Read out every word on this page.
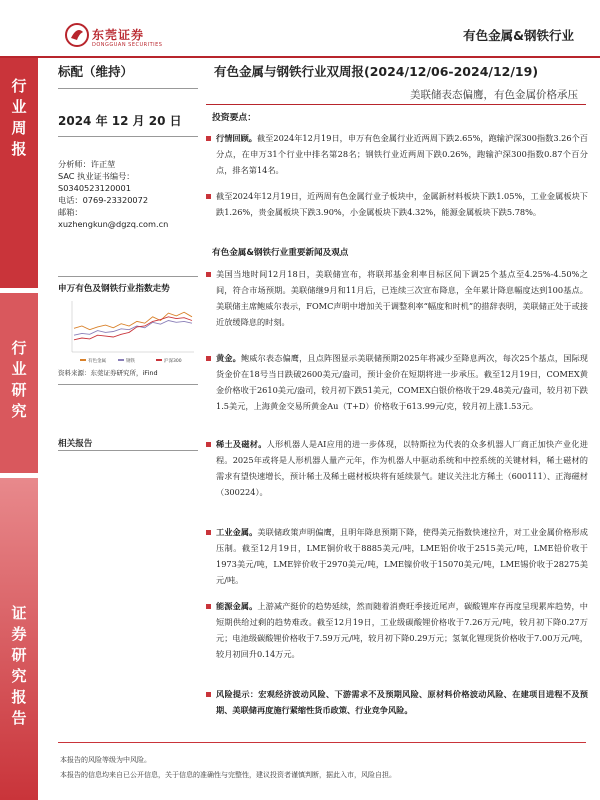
东莞证券
DONGGUAN SECURITIES
有色金属&钢铁行业
行
业
周
报
行
业
研
究
证
券
研
究
报
告
标配（维持）	有色金属与钢铁行业双周报(2024/12/06-2024/12/19)
美联储表态偏鹰，有色金属价格承压
2024 年 12 月 20 日
分析师：许正堃
SAC 执业证书编号：
S0340523120001
电话：0769-23320072
邮箱：
xuzhengkun@dgzq.com.cn
申万有色及钢铁行业指数走势
有色金属	钢铁	沪深300
资料来源：东莞证券研究所，iFind
相关报告
投资要点：
行情回顾。截至2024年12月19日，申万有色金属行业近两周下跌2.65%，跑输沪深300指数3.26个百分点，在申万31个行业中排名第28名；钢铁行业近两周下跌0.26%，跑输沪深300指数0.87个百分点，排名第14名。
截至2024年12月19日，近两周有色金属行业子板块中，金属新材料板块下跌1.05%，工业金属板块下跌1.26%，贵金属板块下跌3.90%，小金属板块下跌4.32%，能源金属板块下跌5.78%。
有色金属&钢铁行业重要新闻及观点
美国当地时间12月18日，美联储宣布，将联邦基金利率目标区间下调25个基点至4.25%-4.50%之间，符合市场预期。美联储继9月和11月后，已连续三次宣布降息，全年累计降息幅度达到100基点。美联储主席鲍威尔表示，FOMC声明中增加关于调整利率“幅度和时机”的措辞表明，美联储正处于或接近放缓降息的时刻。
黄金。鲍威尔表态偏鹰，且点阵图显示美联储预期2025年将减少至降息两次，每次25个基点，国际现货金价在18号当日跌破2600美元/盎司，预计金价在短期将进一步承压。截至12月19日，COMEX黄金价格收于2610美元/盎司，较月初下跌51美元，COMEX白银价格收于29.48美元/盎司，较月初下跌1.5美元，上海黄金交易所黄金Au（T+D）价格收于613.99元/克，较月初上涨1.53元。
稀土及磁材。人形机器人是AI应用的进一步体现，以特斯拉为代表的众多机器人厂商正加快产业化进程。2025年或将是人形机器人量产元年，作为机器人中驱动系统和中控系统的关键材料，稀土磁材的需求有望快速增长，预计稀土及稀土磁材板块将有延续景气。建议关注北方稀土（600111）、正海磁材（300224）。
工业金属。美联储政策声明偏鹰，且明年降息预期下降，使得美元指数快速拉升，对工业金属价格形成压制。截至12月19日，LME铜价收于8885美元/吨，LME铝价收于2515美元/吨，LME铅价收于1973美元/吨，LME锌价收于2970美元/吨，LME镍价收于15070美元/吨，LME锡价收于28275美元/吨。
能源金属。上游减产挺价的趋势延续，然而随着消费旺季接近尾声，碳酸锂库存再度呈现累库趋势，中短期供给过剩的趋势难改。截至12月19日，工业级碳酸锂价格收于7.26万元/吨，较月初下降0.27万元；电池级碳酸锂价格收于7.59万元/吨，较月初下降0.29万元；氢氧化锂现货价格收于7.00万元/吨，较月初回升0.14万元。
风险提示：宏观经济波动风险、下游需求不及预期风险、原材料价格波动风险、在建项目进程不及预期、美联储再度施行紧缩性货币政策、行业竞争风险。
本报告的风险等级为中风险。
本报告的信息均来自已公开信息，关于信息的准确性与完整性，建议投资者谨慎判断，据此入市，风险自担。
